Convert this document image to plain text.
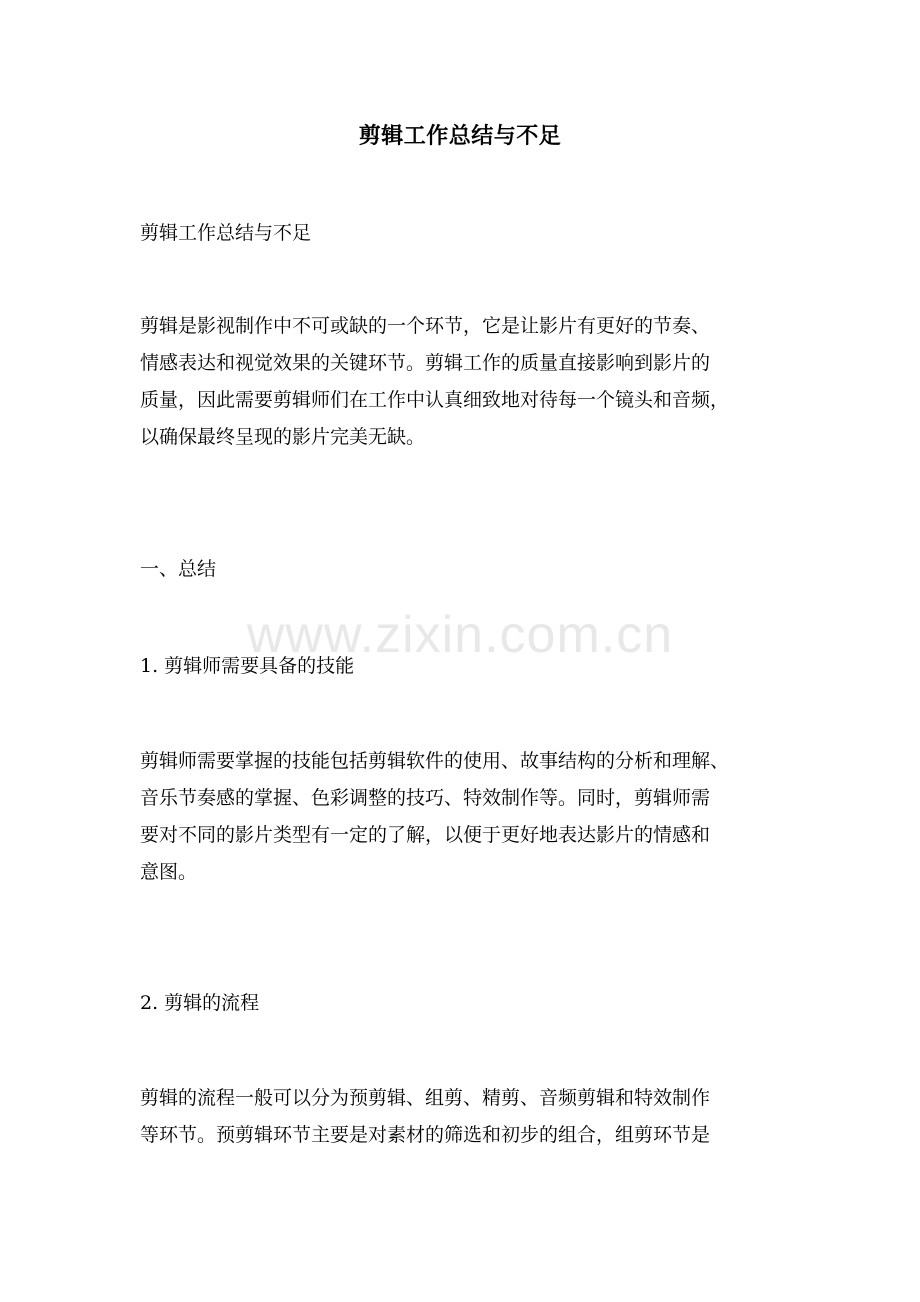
剪辑工作总结与不足

剪辑工作总结与不足

剪辑是影视制作中不可或缺的一个环节，它是让影片有更好的节奏、
情感表达和视觉效果的关键环节。剪辑工作的质量直接影响到影片的
质量，因此需要剪辑师们在工作中认真细致地对待每一个镜头和音频，
以确保最终呈现的影片完美无缺。

一、总结

1. 剪辑师需要具备的技能

剪辑师需要掌握的技能包括剪辑软件的使用、故事结构的分析和理解、
音乐节奏感的掌握、色彩调整的技巧、特效制作等。同时，剪辑师需
要对不同的影片类型有一定的了解，以便于更好地表达影片的情感和
意图。

2. 剪辑的流程

剪辑的流程一般可以分为预剪辑、组剪、精剪、音频剪辑和特效制作
等环节。预剪辑环节主要是对素材的筛选和初步的组合，组剪环节是

www.zixin.com.cn
